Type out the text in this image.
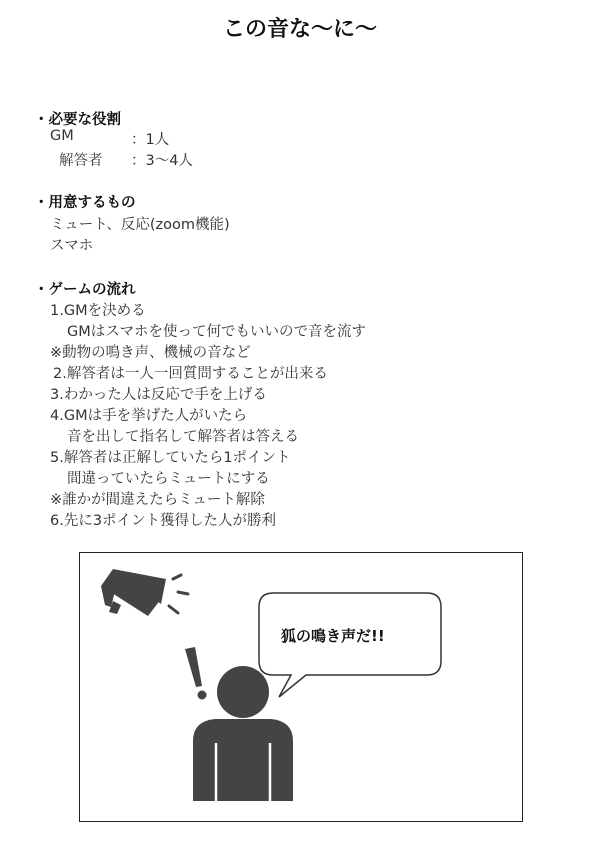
この音な〜に〜
・必要な役割
GM	：1人
解答者 ：3〜4人
・用意するもの
ミュート、反応(zoom機能)
スマホ
・ゲームの流れ
1.GMを決める
GMはスマホを使って何でもいいので音を流す
※動物の鳴き声、機械の音など
2.解答者は一人一回質問することが出来る
3.わかった人は反応で手を上げる
4.GMは手を挙げた人がいたら
音を出して指名して解答者は答える
5.解答者は正解していたら1ポイント
間違っていたらミュートにする
※誰かが間違えたらミュート解除
6.先に3ポイント獲得した人が勝利
狐の鳴き声だ!!
